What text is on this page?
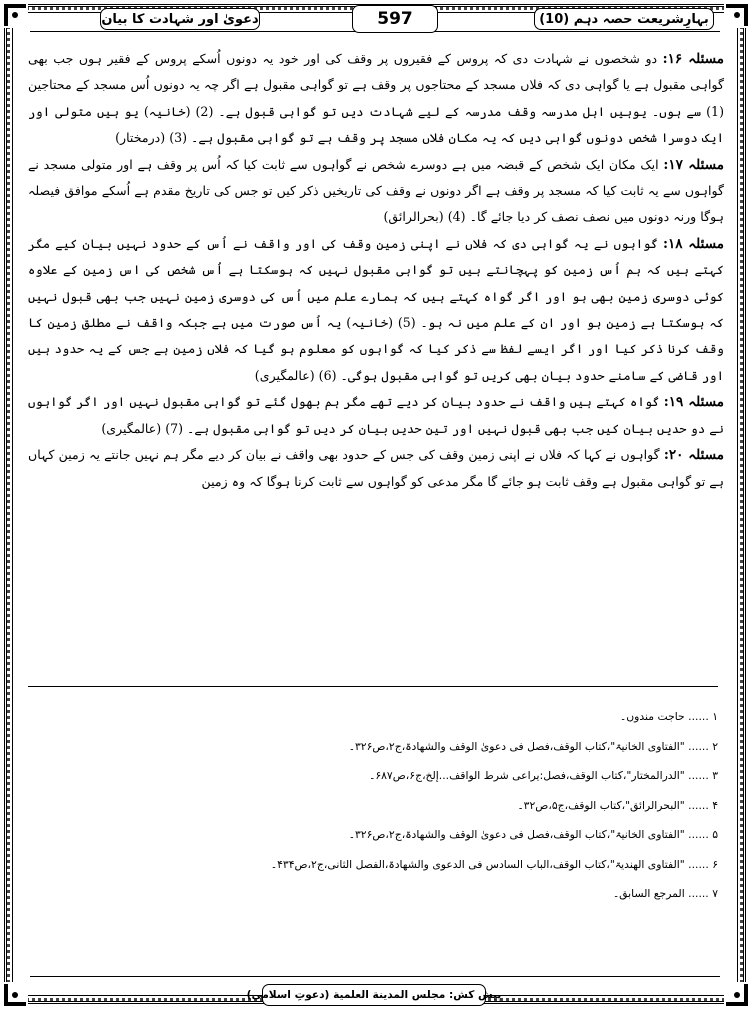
بہارِشریعت حصہ دہم (10)
597
دعویٰ اور شہادت کا بیان

مسئلہ ۱۶: دو شخصوں نے شہادت دی کہ پروس کے فقیروں پر وقف کی اور خود یہ دونوں اُسکے پروس کے فقیر ہوں جب بھی گواہی مقبول ہے یا گواہی دی کہ فلاں مسجد کے محتاجوں پر وقف ہے تو گواہی مقبول ہے اگر چہ یہ دونوں اُس مسجد کے محتاجین (1) سے ہوں۔ یوہیں اہل مدرسہ وقف مدرسہ کے لیے شہادت دیں تو گواہی قبول ہے۔ (2) (خانیہ) یو ہیں متولی اور ایک دوسرا شخص دونوں گواہی دیں کہ یہ مکان فلاں مسجد پر وقف ہے تو گواہی مقبول ہے۔ (3) (درمختار)

مسئلہ ۱۷: ایک مکان ایک شخص کے قبضہ میں ہے دوسرے شخص نے گواہوں سے ثابت کیا کہ اُس پر وقف ہے اور متولی مسجد نے گواہوں سے یہ ثابت کیا کہ مسجد پر وقف ہے اگر دونوں نے وقف کی تاریخیں ذکر کیں تو جس کی تاریخ مقدم ہے اُسکے موافق فیصلہ ہوگا ورنہ دونوں میں نصف نصف کر دیا جائے گا۔ (4) (بحرالرائق)

مسئلہ ۱۸: گواہوں نے یہ گواہی دی کہ فلاں نے اپنی زمین وقف کی اور واقف نے اُس کے حدود نہیں بیان کیے مگر کہتے ہیں کہ ہم اُس زمین کو پہچانتے ہیں تو گواہی مقبول نہیں کہ ہوسکتا ہے اُس شخص کی اس زمین کے علاوہ کوئی دوسری زمین بھی ہو اور اگر گواہ کہتے ہیں کہ ہمارے علم میں اُس کی دوسری زمین نہیں جب بھی قبول نہیں کہ ہوسکتا ہے زمین ہو اور ان کے علم میں نہ ہو۔ (5) (خانیہ) یہ اُس صورت میں ہے جبکہ واقف نے مطلق زمین کا وقف کرنا ذکر کیا اور اگر ایسے لفظ سے ذکر کیا کہ گواہوں کو معلوم ہو گیا کہ فلاں زمین ہے جس کے یہ حدود ہیں اور قاضی کے سامنے حدود بیان بھی کریں تو گواہی مقبول ہوگی۔ (6) (عالمگیری)

مسئلہ ۱۹: گواہ کہتے ہیں واقف نے حدود بیان کر دیے تھے مگر ہم بھول گئے تو گواہی مقبول نہیں اور اگر گواہوں نے دو حدیں بیان کیں جب بھی قبول نہیں اور تین حدیں بیان کر دیں تو گواہی مقبول ہے۔ (7) (عالمگیری)

مسئلہ ۲۰: گواہوں نے کہا کہ فلاں نے اپنی زمین وقف کی جس کے حدود بھی واقف نے بیان کر دیے مگر ہم نہیں جانتے یہ زمین کہاں ہے تو گواہی مقبول ہے وقف ثابت ہو جائے گا مگر مدعی کو گواہوں سے ثابت کرنا ہوگا کہ وہ زمین

۱ ...... حاجت مندوں۔
۲ ...... "الفتاوی الخانیۃ"،کتاب الوقف،فصل فی دعویٰ الوقف والشھادۃ،ج۲،ص۳۲۶۔
۳ ...... "الدرالمختار"،کتاب الوقف،فصل:یراعی شرط الواقف...إلخ،ج۶،ص۶۸۷۔
۴ ...... "البحرالرائق"،کتاب الوقف،ج۵،ص۳۲۔
۵ ...... "الفتاوی الخانیۃ"،کتاب الوقف،فصل فی دعویٰ الوقف والشھادۃ،ج۲،ص۳۲۶۔
۶ ...... "الفتاوی الھندیۃ"،کتاب الوقف،الباب السادس فی الدعوی والشھادۃ،الفصل الثانی،ج۲،ص۴۳۴۔
۷ ...... المرجع السابق۔
پیش کش:

مجلس المدينة العلمية

(دعوتِ اسلامی)
